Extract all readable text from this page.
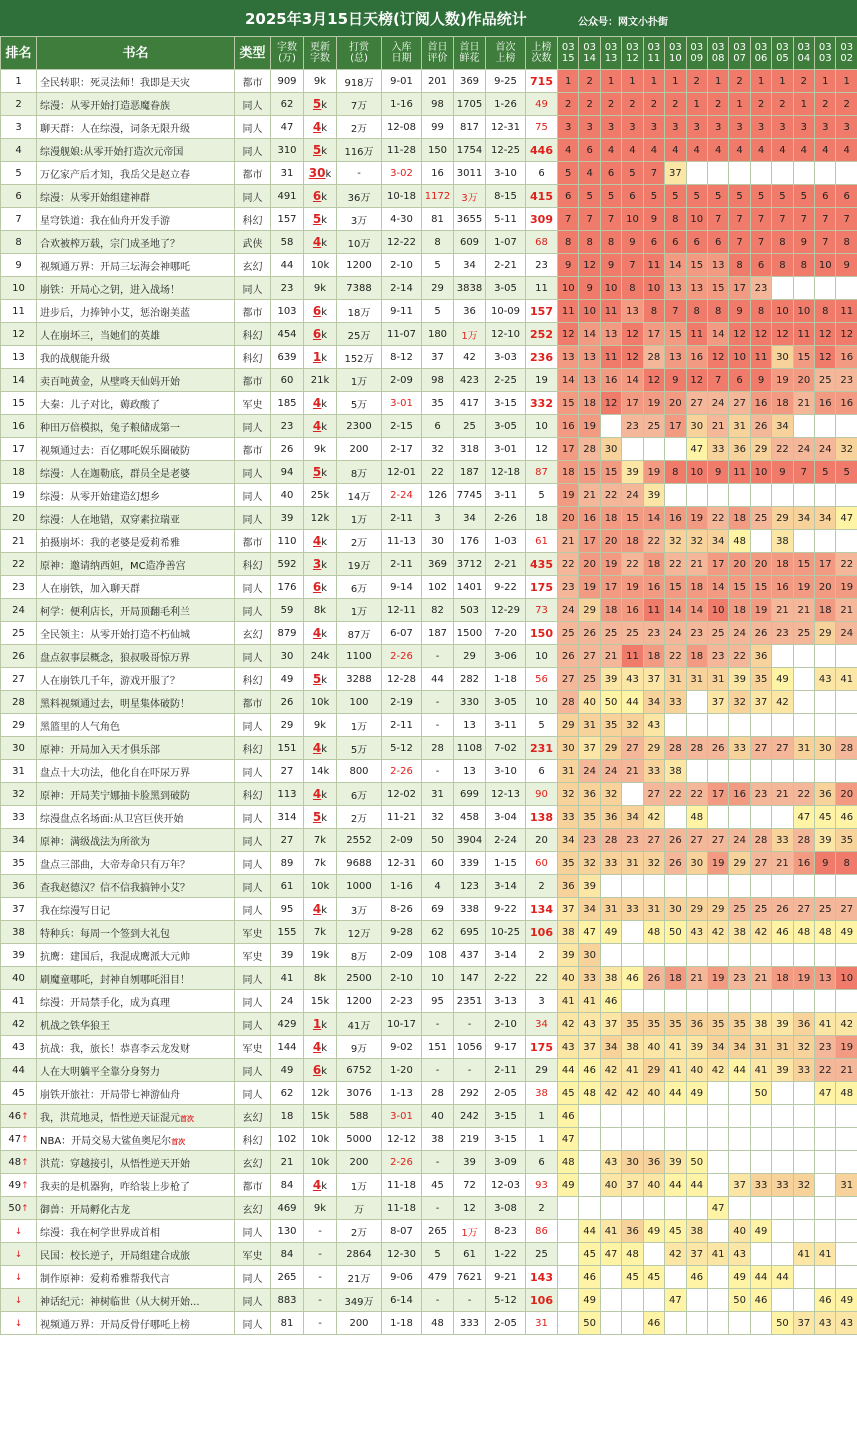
2025年3月15日天榜(订阅人数)作品统计	公众号：网文小扑街
排名	书名	类型	字数(万)	更新字数	打赏(总)	入库日期	首日评价	首日鲜花	首次上榜	上榜次数	03 15	03 14	03 13	03 12	03 11	03 10	03 09	03 08	03 07	03 06	03 05	03 04	03 03	03 02
1	全民转职：死灵法师！我即是天灾	都市	909	9k	918万	9-01	201	369	9-25	715	1	2	1	1	1	1	2	1	2	1	1	2	1	1
2	综漫：从零开始打造恶魔眷族	同人	62	5k	7万	1-16	98	1705	1-26	49	2	2	2	2	2	2	1	2	1	2	2	1	2	2
3	聊天群：人在综漫，词条无限升级	同人	47	4k	2万	12-08	99	817	12-31	75	3	3	3	3	3	3	3	3	3	3	3	3	3	3
4	综漫舰娘:从零开始打造次元帝国	同人	310	5k	116万	11-28	150	1754	12-25	446	4	6	4	4	4	4	4	4	4	4	4	4	4	4
5	万亿家产后才知，我岳父是赵立春	都市	31	30k	-	3-02	16	3011	3-10	6	5	4	6	5	7	37								
6	综漫：从零开始组建神群	同人	491	6k	36万	10-18	1172	3万	8-15	415	6	5	5	6	5	5	5	5	5	5	5	5	6	6
7	星穹铁道：我在仙舟开发手游	科幻	157	5k	3万	4-30	81	3655	5-11	309	7	7	7	10	9	8	10	7	7	7	7	7	7	7
8	合欢被榨万载，宗门成圣地了？	武侠	58	4k	10万	12-22	8	609	1-07	68	8	8	8	9	6	6	6	6	7	7	8	9	7	8
9	视频通万界：开局三坛海会神哪吒	玄幻	44	10k	1200	2-10	5	34	2-21	23	9	12	9	7	11	14	15	13	8	6	8	8	10	9
10	崩铁：开局心之钥，进入战场！	同人	23	9k	7388	2-14	29	3838	3-05	11	10	9	10	8	10	13	13	15	17	23				
11	进步后，力捧钟小艾，惩治谢美蓝	都市	103	6k	18万	9-11	5	36	10-09	157	11	10	11	13	8	7	8	8	9	8	10	10	8	11
12	人在崩坏三，当她们的英雄	科幻	454	6k	25万	11-07	180	1万	12-10	252	12	14	13	12	17	15	11	14	12	12	12	11	12	12
13	我的战舰能升级	科幻	639	1k	152万	8-12	37	42	3-03	236	13	13	11	12	28	13	16	12	10	11	30	15	12	16
14	卖百吨黄金，从壁咚天仙妈开始	都市	60	21k	1万	2-09	98	423	2-25	19	14	13	16	14	12	9	12	7	6	9	19	20	25	23
15	大秦：儿子对比，薅政酸了	军史	185	4k	5万	3-01	35	417	3-15	332	15	18	12	17	19	20	27	24	27	16	18	21	16	16
16	种田万倍模拟，兔子粮储成第一	同人	23	4k	2300	2-15	6	25	3-05	10	16	19		23	25	17	30	21	31	26	34			
17	视频通过去：百亿哪吒娱乐圈破防	都市	26	9k	200	2-17	32	318	3-01	12	17	28	30				47	33	36	29	22	24	24	32
18	综漫：人在迦勒底，群员全是老婆	同人	94	5k	8万	12-01	22	187	12-18	87	18	15	15	39	19	8	10	9	11	10	9	7	5	5
19	综漫：从零开始建造幻想乡	同人	40	25k	14万	2-24	126	7745	3-11	5	19	21	22	24	39									
20	综漫：人在地错，双穿素拉瑞亚	同人	39	12k	1万	2-11	3	34	2-26	18	20	16	18	15	14	16	19	22	18	25	29	34	34	47
21	拍摄崩坏：我的老婆是爱莉希雅	都市	110	4k	2万	11-13	30	176	1-03	61	21	17	20	18	22	32	32	34	48		38			
22	原神：邀请纳西妲，MC造净善宫	科幻	592	3k	19万	2-11	369	3712	2-21	435	22	20	19	22	18	22	21	17	20	20	18	15	17	22
23	人在崩铁，加入聊天群	同人	176	6k	6万	9-14	102	1401	9-22	175	23	19	17	19	16	15	18	14	15	15	16	19	20	19
24	柯学：便利店长，开局顶翻毛利兰	同人	59	8k	1万	12-11	82	503	12-29	73	24	29	18	16	11	14	14	10	18	19	21	21	18	21
25	全民领主：从零开始打造不朽仙城	玄幻	879	4k	87万	6-07	187	1500	7-20	150	25	26	25	25	23	24	23	25	24	26	23	25	29	24
26	盘点叙事层概念，狼叔吸哥惊万界	同人	30	24k	1100	2-26	-	29	3-06	10	26	27	21	11	18	22	18	23	22	36				
27	人在崩铁几千年，游戏开服了？	科幻	49	5k	3288	12-28	44	282	1-18	56	27	25	39	43	37	31	31	31	39	35	49		43	41
28	黑料视频通过去，明星集体破防！	都市	26	10k	100	2-19	-	330	3-05	10	28	40	50	44	34	33		37	32	37	42			
29	黑篮里的人气角色	同人	29	9k	1万	2-11	-	13	3-11	5	29	31	35	32	43									
30	原神：开局加入天才俱乐部	科幻	151	4k	5万	5-12	28	1108	7-02	231	30	37	29	27	29	28	28	26	33	27	27	31	30	28
31	盘点十大功法，他化自在吓尿万界	同人	27	14k	800	2-26	-	13	3-10	6	31	24	24	21	33	38								
32	原神：开局芙宁娜抽卡脸黑到破防	科幻	113	4k	6万	12-02	31	699	12-13	90	32	36	32		27	22	22	17	16	23	21	22	36	20
33	综漫盘点名场面:从卫宫巨侠开始	同人	314	5k	2万	11-21	32	458	3-04	138	33	35	36	34	42		48					47	45	46
34	原神：满级战法为所欲为	同人	27	7k	2552	2-09	50	3904	2-24	20	34	23	28	23	27	26	27	27	24	28	33	28	39	35
35	盘点三部曲，大帝寿命只有万年？	同人	89	7k	9688	12-31	60	339	1-15	60	35	32	33	31	32	26	30	19	29	27	21	16	9	8
36	查我赵德汉？信不信我搞钟小艾？	同人	61	10k	1000	1-16	4	123	3-14	2	36	39												
37	我在综漫写日记	同人	95	4k	3万	8-26	69	338	9-22	134	37	34	31	33	31	30	29	29	25	25	26	27	25	27
38	特种兵：每周一个签到大礼包	军史	155	7k	12万	9-28	62	695	10-25	106	38	47	49		48	50	43	42	38	42	46	48	48	49
39	抗鹰：建国后，我混成鹰派大元帅	军史	39	19k	8万	2-09	108	437	3-14	2	39	30												
40	刷魔童哪吒，封神自刎哪吒泪目！	同人	41	8k	2500	2-10	10	147	2-22	22	40	33	38	46	26	18	21	19	23	21	18	19	13	10
41	综漫：开局禁手化，成为真理	同人	24	15k	1200	2-23	95	2351	3-13	3	41	41	46											
42	机战之铁华狼王	同人	429	1k	41万	10-17	-	-	2-10	34	42	43	37	35	35	35	36	35	35	38	39	36	41	42
43	抗战：我，旅长！恭喜李云龙发财	军史	144	4k	9万	9-02	151	1056	9-17	175	43	37	34	38	40	41	39	34	34	31	31	32	23	19
44	人在大明躺平全靠分身努力	同人	49	6k	6752	1-20	-	-	2-11	29	44	46	42	41	29	41	40	42	44	41	39	33	22	21
45	崩铁开旅社：开局带七神游仙舟	同人	62	12k	3076	1-13	28	292	2-05	38	45	48	42	42	40	44	49			50			47	48
46↑	我，洪荒地灵，悟性逆天证混元首次	玄幻	18	15k	588	3-01	40	242	3-15	1	46													
47↑	NBA：开局交易大鲨鱼奥尼尔首次	科幻	102	10k	5000	12-12	38	219	3-15	1	47													
48↑	洪荒：穿越接引，从悟性逆天开始	玄幻	21	10k	200	2-26	-	39	3-09	6	48		43	30	36	39	50							
49↑	我卖的是机器狗，咋给装上步枪了	都市	84	4k	1万	11-18	45	72	12-03	93	49		40	37	40	44	44		37	33	33	32		31
50↑	御兽：开局孵化古龙	玄幻	469	9k	万	11-18	-	12	3-08	2								47						
↓	综漫：我在柯学世界成首相	同人	130	-	2万	8-07	265	1万	8-23	86		44	41	36	49	45	38		40	49				
↓	民国：校长逆子，开局组建合成旅	军史	84	-	2864	12-30	5	61	1-22	25		45	47	48		42	37	41	43			41	41	
↓	制作原神：爱莉希雅帮我代言	同人	265	-	21万	9-06	479	7621	9-21	143		46		45	45		46		49	44	44			
↓	神话纪元：神树临世（从大树开始...	同人	883	-	349万	6-14	-	-	5-12	106		49				47			50	46			46	49
↓	视频通万界：开局反骨仔哪吒上榜	同人	81	-	200	1-18	48	333	2-05	31		50			46						50	37	43	43
